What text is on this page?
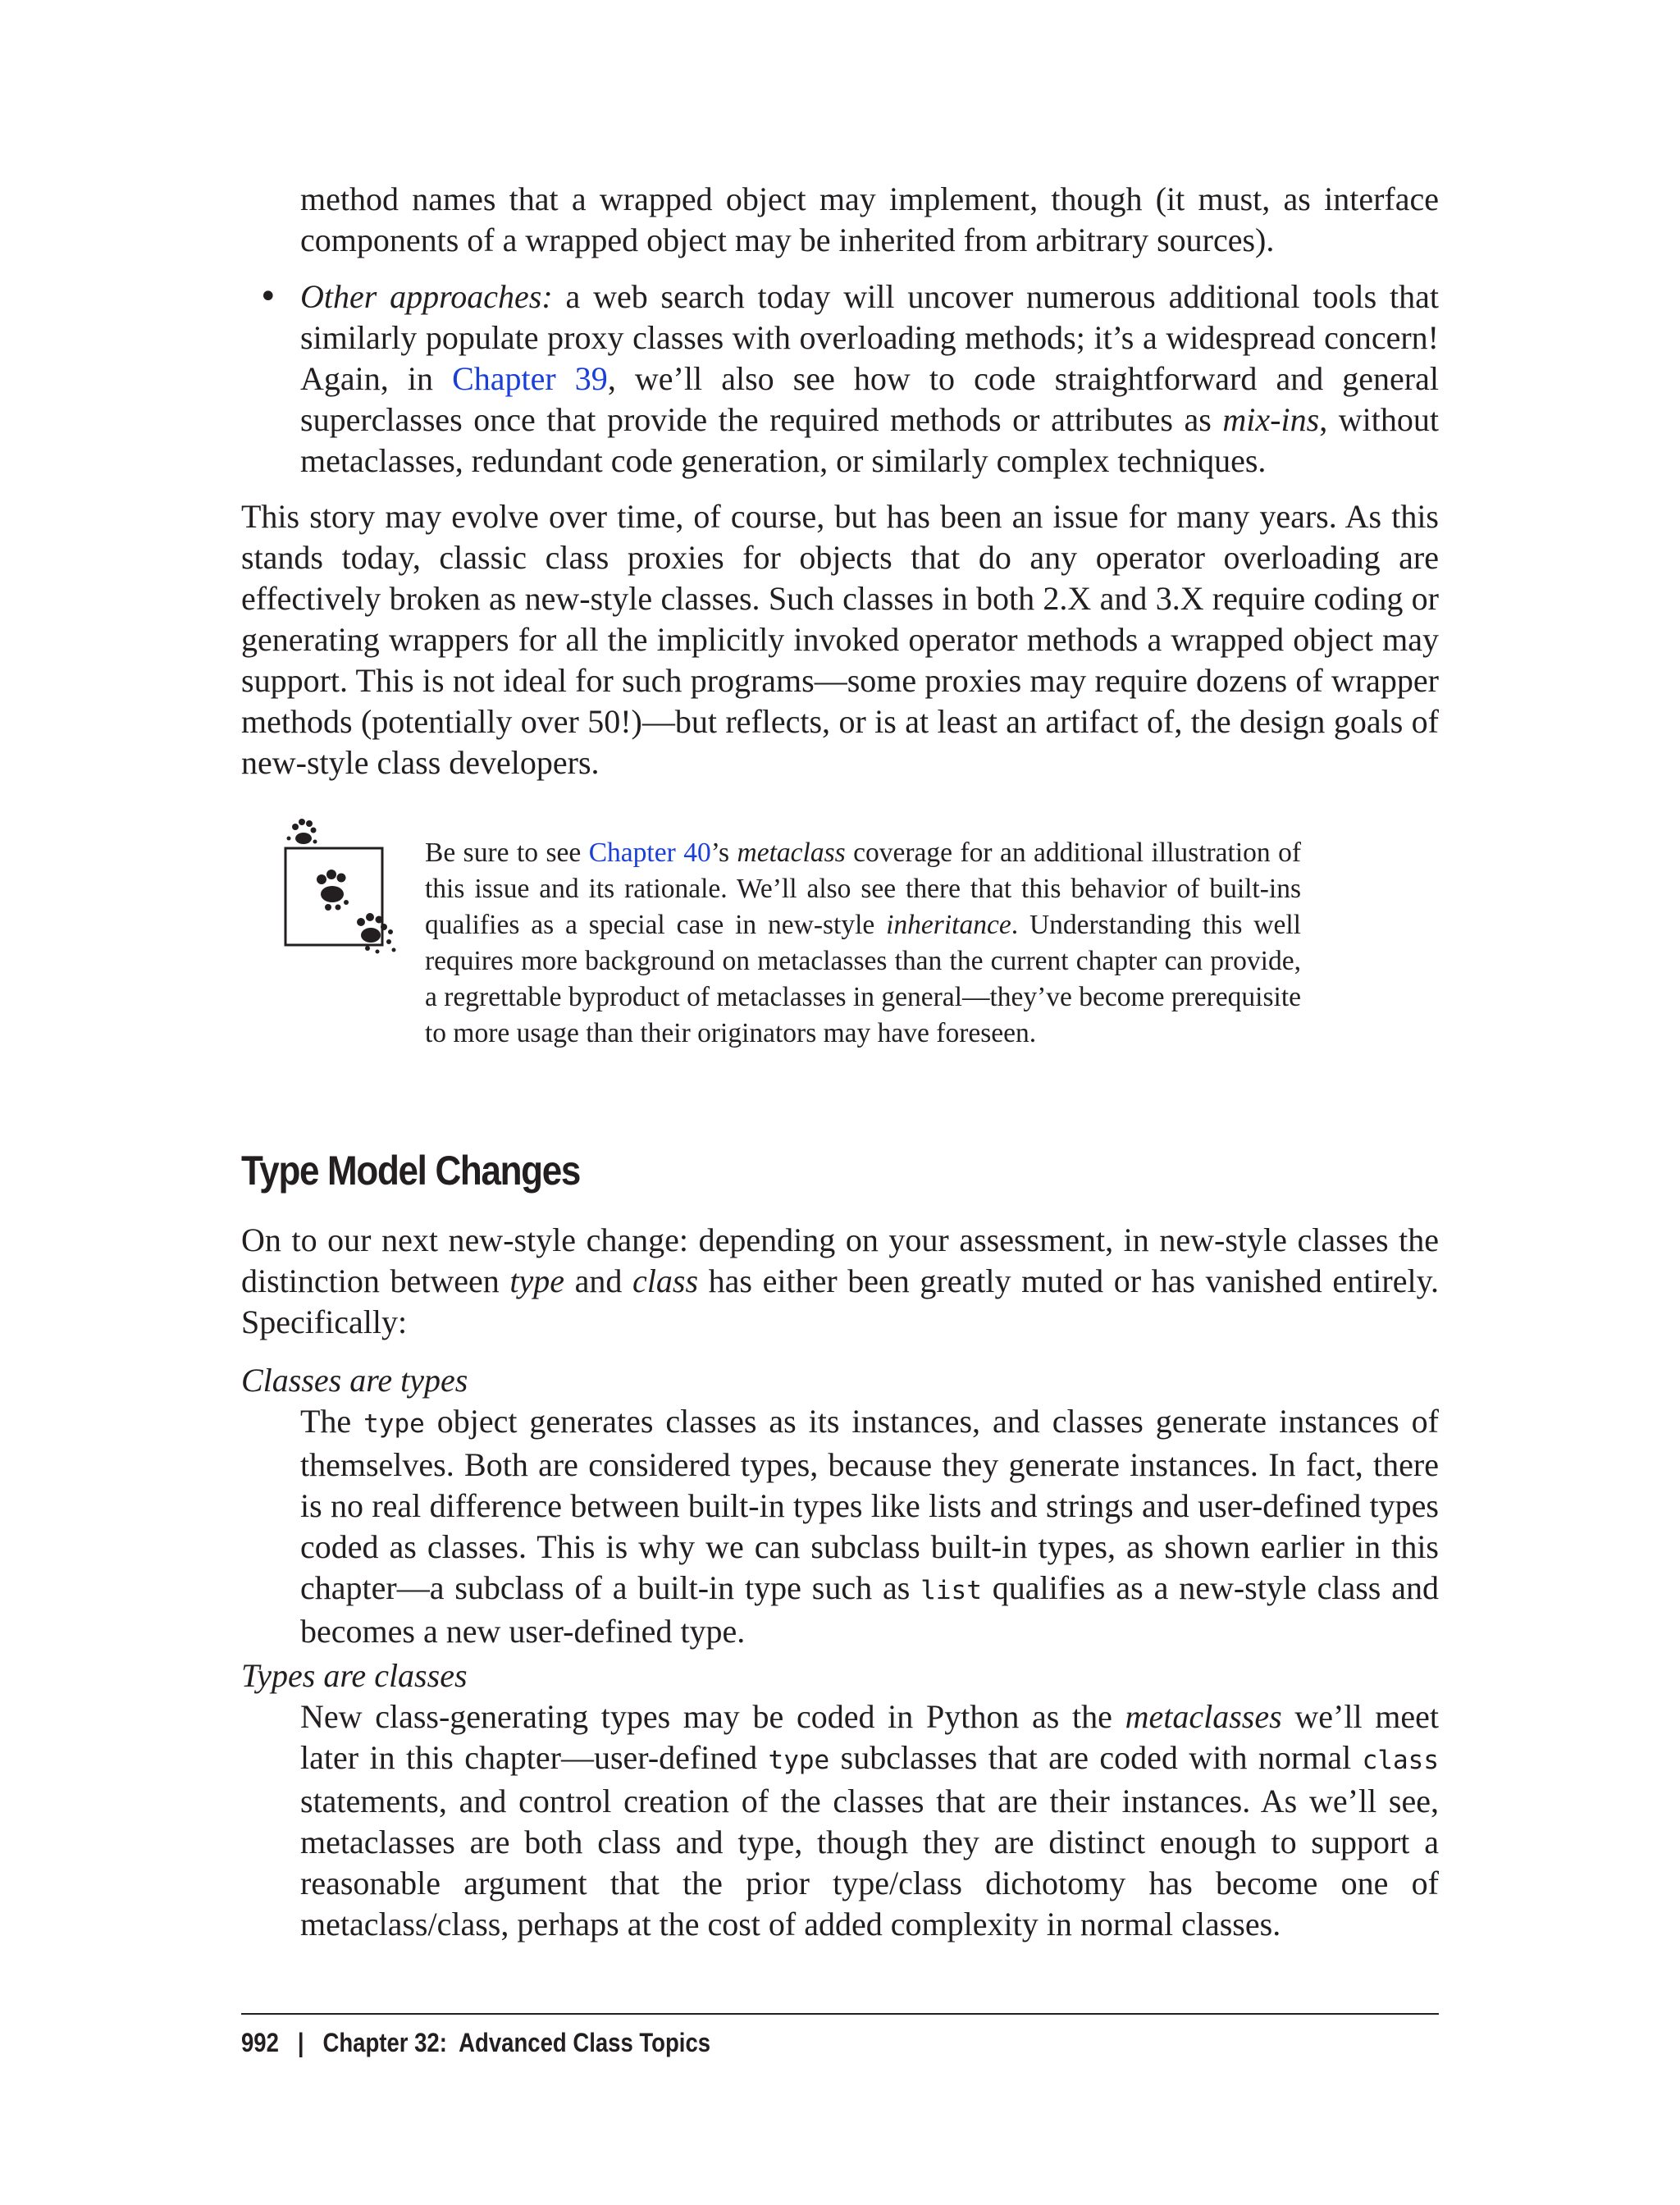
method names that a wrapped object may implement, though (it must, as interface components of a wrapped object may be inherited from arbitrary sources).

• Other approaches: a web search today will uncover numerous additional tools that similarly populate proxy classes with overloading methods; it’s a widespread concern! Again, in Chapter 39, we’ll also see how to code straightforward and general superclasses once that provide the required methods or attributes as mix-ins, without metaclasses, redundant code generation, or similarly complex techniques.

This story may evolve over time, of course, but has been an issue for many years. As this stands today, classic class proxies for objects that do any operator overloading are effectively broken as new-style classes. Such classes in both 2.X and 3.X require coding or generating wrappers for all the implicitly invoked operator methods a wrapped object may support. This is not ideal for such programs—some proxies may require dozens of wrapper methods (potentially over 50!)—but reflects, or is at least an artifact of, the design goals of new-style class developers.

Be sure to see Chapter 40’s metaclass coverage for an additional illustration of this issue and its rationale. We’ll also see there that this behavior of built-ins qualifies as a special case in new-style inheritance. Understanding this well requires more background on metaclasses than the current chapter can provide, a regrettable byproduct of metaclasses in general—they’ve become prerequisite to more usage than their originators may have foreseen.

Type Model Changes

On to our next new-style change: depending on your assessment, in new-style classes the distinction between type and class has either been greatly muted or has vanished entirely. Specifically:

Classes are types

The type object generates classes as its instances, and classes generate instances of themselves. Both are considered types, because they generate instances. In fact, there is no real difference between built-in types like lists and strings and user-defined types coded as classes. This is why we can subclass built-in types, as shown earlier in this chapter—a subclass of a built-in type such as list qualifies as a new-style class and becomes a new user-defined type.

Types are classes

New class-generating types may be coded in Python as the metaclasses we’ll meet later in this chapter—user-defined type subclasses that are coded with normal class statements, and control creation of the classes that are their instances. As we’ll see, metaclasses are both class and type, though they are distinct enough to support a reasonable argument that the prior type/class dichotomy has become one of metaclass/class, perhaps at the cost of added complexity in normal classes.

992 | Chapter 32:  Advanced Class Topics
